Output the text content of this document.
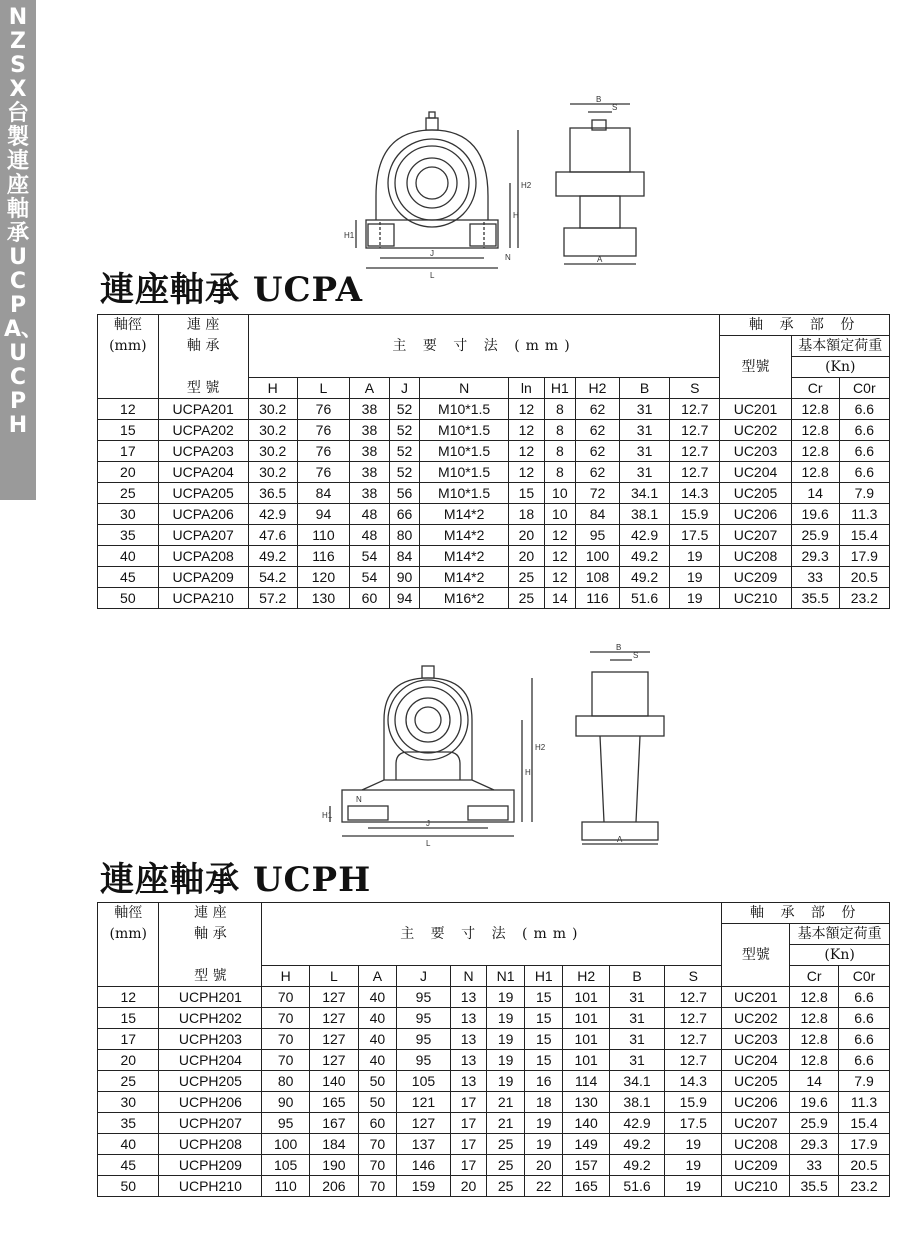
NZSX台製連座軸承UCPA、UCPH
H2
H
H1
N
J
L
B
S
A
連座軸承 UCPA
軸徑	連 座	主 要 寸 法 (mm)										軸 承 部 份		
(mm)	軸 承											型號	基本額定荷重	
													(Kn)	
	型 號	H	L	A	J	N	ln	H1	H2	B	S		Cr	C0r
12	UCPA201	30.2	76	38	52	M10*1.5	12	8	62	31	12.7	UC201	12.8	6.6
15	UCPA202	30.2	76	38	52	M10*1.5	12	8	62	31	12.7	UC202	12.8	6.6
17	UCPA203	30.2	76	38	52	M10*1.5	12	8	62	31	12.7	UC203	12.8	6.6
20	UCPA204	30.2	76	38	52	M10*1.5	12	8	62	31	12.7	UC204	12.8	6.6
25	UCPA205	36.5	84	38	56	M10*1.5	15	10	72	34.1	14.3	UC205	14	7.9
30	UCPA206	42.9	94	48	66	M14*2	18	10	84	38.1	15.9	UC206	19.6	11.3
35	UCPA207	47.6	110	48	80	M14*2	20	12	95	42.9	17.5	UC207	25.9	15.4
40	UCPA208	49.2	116	54	84	M14*2	20	12	100	49.2	19	UC208	29.3	17.9
45	UCPA209	54.2	120	54	90	M14*2	25	12	108	49.2	19	UC209	33	20.5
50	UCPA210	57.2	130	60	94	M16*2	25	14	116	51.6	19	UC210	35.5	23.2
H2
H
H1
N
J
L
B
S
A
連座軸承 UCPH
軸徑	連 座	主 要 寸 法 (mm)										軸 承 部 份		
(mm)	軸 承											型號	基本額定荷重	
													(Kn)	
	型 號	H	L	A	J	N	N1	H1	H2	B	S		Cr	C0r
12	UCPH201	70	127	40	95	13	19	15	101	31	12.7	UC201	12.8	6.6
15	UCPH202	70	127	40	95	13	19	15	101	31	12.7	UC202	12.8	6.6
17	UCPH203	70	127	40	95	13	19	15	101	31	12.7	UC203	12.8	6.6
20	UCPH204	70	127	40	95	13	19	15	101	31	12.7	UC204	12.8	6.6
25	UCPH205	80	140	50	105	13	19	16	114	34.1	14.3	UC205	14	7.9
30	UCPH206	90	165	50	121	17	21	18	130	38.1	15.9	UC206	19.6	11.3
35	UCPH207	95	167	60	127	17	21	19	140	42.9	17.5	UC207	25.9	15.4
40	UCPH208	100	184	70	137	17	25	19	149	49.2	19	UC208	29.3	17.9
45	UCPH209	105	190	70	146	17	25	20	157	49.2	19	UC209	33	20.5
50	UCPH210	110	206	70	159	20	25	22	165	51.6	19	UC210	35.5	23.2
